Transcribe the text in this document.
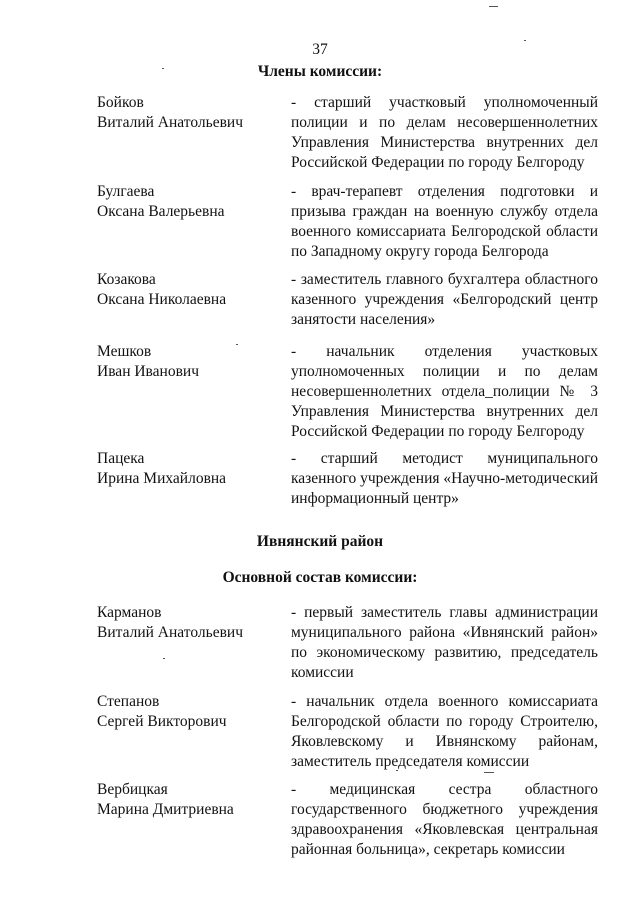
37
Члены комиссии:
Бойков
Виталий Анатольевич
- старший участковый уполномоченный полиции и по делам несовершеннолетних Управления Министерства внутренних дел Российской Федерации по городу Белгороду
Булгаева
Оксана Валерьевна
- врач-терапевт отделения подготовки и призыва граждан на военную службу отдела военного комиссариата Белгородской области по Западному округу города Белгорода
Козакова
Оксана Николаевна
- заместитель главного бухгалтера областного казенного учреждения «Белгородский центр занятости населения»
Мешков
Иван Иванович
- начальник отделения участковых уполномоченных полиции и по делам несовершеннолетних отдела_полиции № 3 Управления Министерства внутренних дел Российской Федерации по городу Белгороду
Пацека
Ирина Михайловна
- старший методист муниципального казенного учреждения «Научно-методический информационный центр»
Ивнянский район
Основной состав комиссии:
Карманов
Виталий Анатольевич
- первый заместитель главы администрации муниципального района «Ивнянский район» по экономическому развитию, председатель комиссии
Степанов
Сергей Викторович
- начальник отдела военного комиссариата Белгородской области по городу Строителю, Яковлевскому и Ивнянскому районам, заместитель председателя комиссии
Вербицкая
Марина Дмитриевна
- медицинская сестра областного государственного бюджетного учреждения здравоохранения «Яковлевская центральная районная больница», секретарь комиссии
